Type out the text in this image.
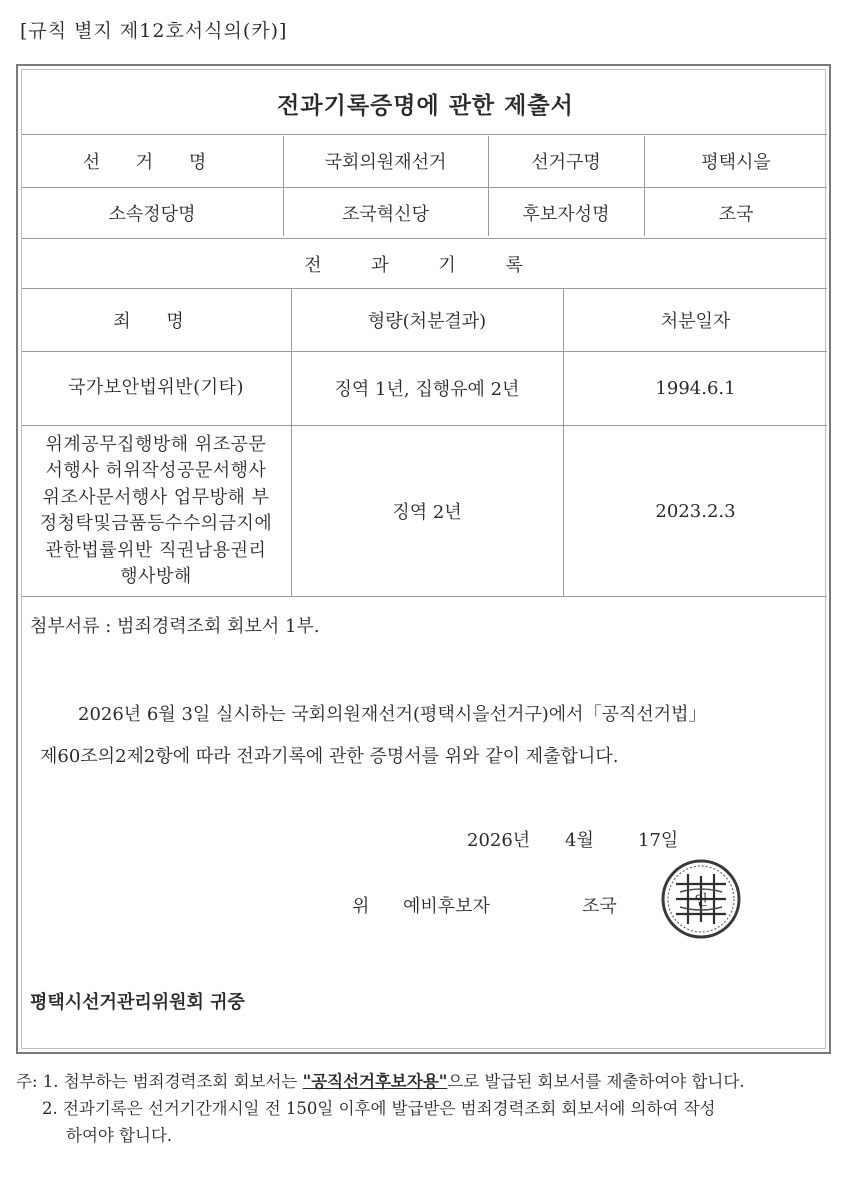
[규칙 별지 제12호서식의(카)]
전과기록증명에 관한 제출서
선 거 명	국회의원재선거	선거구명	평택시을
소속정당명	조국혁신당	후보자성명	조국
전 과 기 록
죄 명	형량(처분결과)	처분일자
국가보안법위반(기타)	징역 1년, 집행유예 2년	1994.6.1
위계공무집행방해 위조공문
서행사 허위작성공문서행사
위조사문서행사 업무방해 부
정청탁및금품등수수의금지에
관한법률위반 직권남용권리
행사방해
징역 2년	2023.2.3
첨부서류 : 범죄경력조회 회보서 1부.
2026년 6월 3일 실시하는 국회의원재선거(평택시을선거구)에서「공직선거법」
제60조의2제2항에 따라 전과기록에 관한 증명서를 위와 같이 제출합니다.
2026년 4월 17일
위 예비후보자	조국	인
평택시선거관리위원회 귀중
주: 1. 첨부하는 범죄경력조회 회보서는 "공직선거후보자용"으로 발급된 회보서를 제출하여야 합니다.
2. 전과기록은 선거기간개시일 전 150일 이후에 발급받은 범죄경력조회 회보서에 의하여 작성
하여야 합니다.
